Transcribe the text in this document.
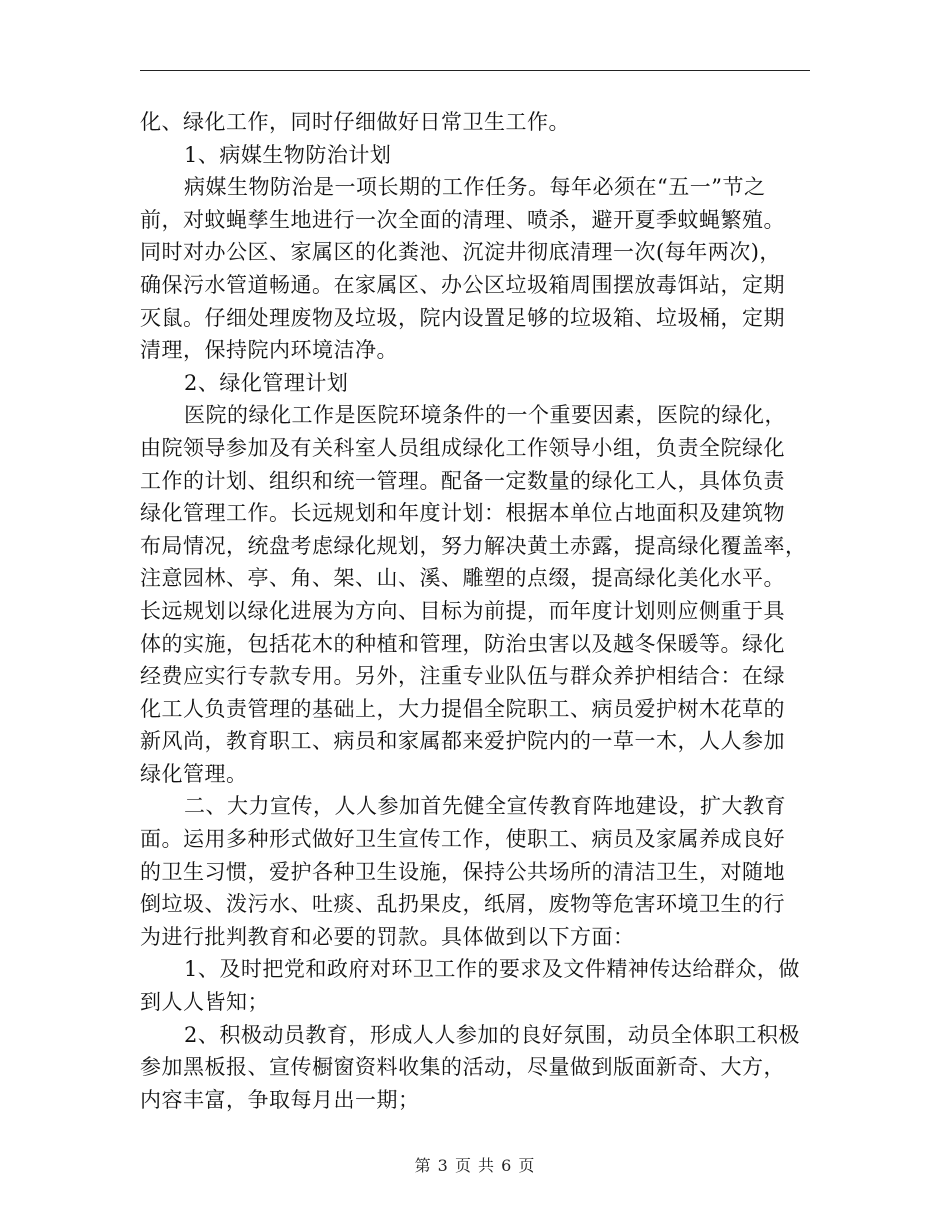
化、绿化工作，同时仔细做好日常卫生工作。
1、病媒生物防治计划
病媒生物防治是一项长期的工作任务。每年必须在“五一”节之
前，对蚊蝇孳生地进行一次全面的清理、喷杀，避开夏季蚊蝇繁殖。
同时对办公区、家属区的化粪池、沉淀井彻底清理一次(每年两次)，
确保污水管道畅通。在家属区、办公区垃圾箱周围摆放毒饵站，定期
灭鼠。仔细处理废物及垃圾，院内设置足够的垃圾箱、垃圾桶，定期
清理，保持院内环境洁净。
2、绿化管理计划
医院的绿化工作是医院环境条件的一个重要因素，医院的绿化，
由院领导参加及有关科室人员组成绿化工作领导小组，负责全院绿化
工作的计划、组织和统一管理。配备一定数量的绿化工人，具体负责
绿化管理工作。长远规划和年度计划：根据本单位占地面积及建筑物
布局情况，统盘考虑绿化规划，努力解决黄土赤露，提高绿化覆盖率，
注意园林、亭、角、架、山、溪、雕塑的点缀，提高绿化美化水平。
长远规划以绿化进展为方向、目标为前提，而年度计划则应侧重于具
体的实施，包括花木的种植和管理，防治虫害以及越冬保暖等。绿化
经费应实行专款专用。另外，注重专业队伍与群众养护相结合：在绿
化工人负责管理的基础上，大力提倡全院职工、病员爱护树木花草的
新风尚，教育职工、病员和家属都来爱护院内的一草一木，人人参加
绿化管理。
二、大力宣传，人人参加首先健全宣传教育阵地建设，扩大教育
面。运用多种形式做好卫生宣传工作，使职工、病员及家属养成良好
的卫生习惯，爱护各种卫生设施，保持公共场所的清洁卫生，对随地
倒垃圾、泼污水、吐痰、乱扔果皮，纸屑，废物等危害环境卫生的行
为进行批判教育和必要的罚款。具体做到以下方面：
1、及时把党和政府对环卫工作的要求及文件精神传达给群众，做
到人人皆知；
2、积极动员教育，形成人人参加的良好氛围，动员全体职工积极
参加黑板报、宣传橱窗资料收集的活动，尽量做到版面新奇、大方，
内容丰富，争取每月出一期；
第 3 页 共 6 页
